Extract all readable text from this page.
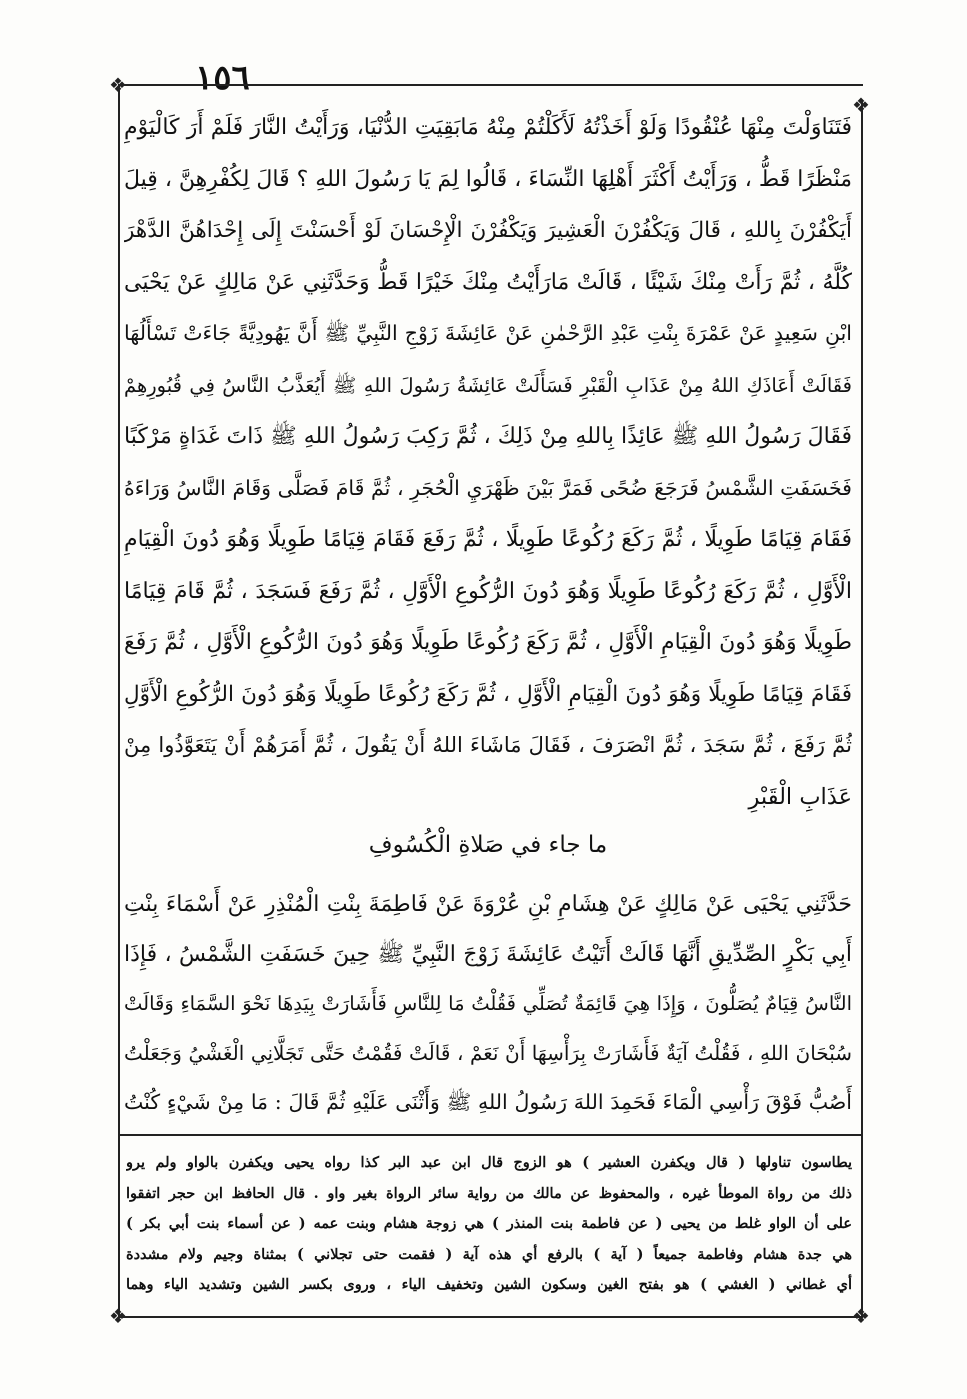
١٥٦
❖
❖
❖	❖
فَتَنَاوَلْتَ مِنْهَا عُنْقُودًا وَلَوْ أَخَذْتُهُ لَأَكَلْتُمْ مِنْهُ مَابَقِيَتِ الدُّنْيَا، وَرَأَيْتُ النَّارَ فَلَمْ أَرَ كَالْيَوْمِ
مَنْظَرًا قَطُّ ، وَرَأَيْتُ أَكْثَرَ أَهْلِهَا النِّسَاءَ ، قَالُوا لِمَ يَا رَسُولَ اللهِ ؟ قَالَ لِكُفْرِهِنَّ ، قِيلَ
أَيَكْفُرْنَ بِاللهِ ، قَالَ وَيَكْفُرْنَ الْعَشِيرَ وَيَكْفُرْنَ الْإِحْسَانَ لَوْ أَحْسَنْتَ إِلَى إِحْدَاهُنَّ الدَّهْرَ
كُلَّهُ ، ثُمَّ رَأَتْ مِنْكَ شَيْئًا ، قَالَتْ مَارَأَيْتُ مِنْكَ خَيْرًا قَطُّ وَحَدَّثَنِي عَنْ مَالِكٍ عَنْ يَحْيَى
ابْنِ سَعِيدٍ عَنْ عَمْرَةَ بِنْتِ عَبْدِ الرَّحْمٰنِ عَنْ عَائِشَةَ زَوْجِ النَّبِيِّ ﷺ أَنَّ يَهُودِيَّةً جَاءَتْ تَسْأَلُهَا
فَقَالَتْ أَعَاذَكِ اللهُ مِنْ عَذَابِ الْقَبْرِ فَسَأَلَتْ عَائِشَةُ رَسُولَ اللهِ ﷺ أَيُعَذَّبُ النَّاسُ فِي قُبُورِهِمْ
فَقَالَ رَسُولُ اللهِ ﷺ عَائِذًا بِاللهِ مِنْ ذَلِكَ ، ثُمَّ رَكِبَ رَسُولُ اللهِ ﷺ ذَاتَ غَدَاةٍ مَرْكَبًا
فَخَسَفَتِ الشَّمْسُ فَرَجَعَ ضُحًى فَمَرَّ بَيْنَ ظَهْرَيِ الْحُجَرِ ، ثُمَّ قَامَ فَصَلَّى وَقَامَ النَّاسُ وَرَاءَهُ
فَقَامَ قِيَامًا طَوِيلًا ، ثُمَّ رَكَعَ رُكُوعًا طَوِيلًا ، ثُمَّ رَفَعَ فَقَامَ قِيَامًا طَوِيلًا وَهُوَ دُونَ الْقِيَامِ
الْأَوَّلِ ، ثُمَّ رَكَعَ رُكُوعًا طَوِيلًا وَهُوَ دُونَ الرُّكُوعِ الْأَوَّلِ ، ثُمَّ رَفَعَ فَسَجَدَ ، ثُمَّ قَامَ قِيَامًا
طَوِيلًا وَهُوَ دُونَ الْقِيَامِ الْأَوَّلِ ، ثُمَّ رَكَعَ رُكُوعًا طَوِيلًا وَهُوَ دُونَ الرُّكُوعِ الْأَوَّلِ ، ثُمَّ رَفَعَ
فَقَامَ قِيَامًا طَوِيلًا وَهُوَ دُونَ الْقِيَامِ الْأَوَّلِ ، ثُمَّ رَكَعَ رُكُوعًا طَوِيلًا وَهُوَ دُونَ الرُّكُوعِ الْأَوَّلِ
ثُمَّ رَفَعَ ، ثُمَّ سَجَدَ ، ثُمَّ انْصَرَفَ ، فَقَالَ مَاشَاءَ اللهُ أَنْ يَقُولَ ، ثُمَّ أَمَرَهُمْ أَنْ يَتَعَوَّذُوا مِنْ
عَذَابِ الْقَبْرِ
ما جاء في صَلاةِ الْكُسُوفِ
حَدَّثَنِي يَحْيَى عَنْ مَالِكٍ عَنْ هِشَامِ بْنِ عُرْوَةَ عَنْ فَاطِمَةَ بِنْتِ الْمُنْذِرِ عَنْ أَسْمَاءَ بِنْتِ
أَبِي بَكْرٍ الصِّدِّيقِ أَنَّهَا قَالَتْ أَتَيْتُ عَائِشَةَ زَوْجَ النَّبِيِّ ﷺ حِينَ خَسَفَتِ الشَّمْسُ ، فَإِذَا
النَّاسُ قِيَامٌ يُصَلُّونَ ، وَإِذَا هِيَ قَائِمَةٌ تُصَلِّي فَقُلْتُ مَا لِلنَّاسِ فَأَشَارَتْ بِيَدِهَا نَحْوَ السَّمَاءِ وَقَالَتْ
سُبْحَانَ اللهِ ، فَقُلْتُ آيَةٌ فَأَشَارَتْ بِرَأْسِهَا أَنْ نَعَمْ ، قَالَتْ فَقُمْتُ حَتَّى تَجَلَّانِي الْغَشْيُ وَجَعَلْتُ
أَصُبُّ فَوْقَ رَأْسِي الْمَاءَ فَحَمِدَ اللهَ رَسُولُ اللهِ ﷺ وَأَثْنَى عَلَيْهِ ثُمَّ قَالَ : مَا مِنْ شَيْءٍ كُنْتُ
يطاسون تناولها ( قال ويكفرن العشير ) هو الزوج قال ابن عبد البر كذا رواه يحيى ويكفرن بالواو ولم يرو
ذلك من رواة الموطأ غيره ، والمحفوظ عن مالك من رواية سائر الرواة بغير واو . قال الحافظ ابن حجر اتفقوا
على أن الواو غلط من يحيى ( عن فاطمة بنت المنذر ) هي زوجة هشام وبنت عمه ( عن أسماء بنت أبي بكر )
هي جدة هشام وفاطمة جميعاً ( آية ) بالرفع أي هذه آية ( فقمت حتى تجلاني ) بمثناة وجيم ولام مشددة
أي غطاني ( الغشي ) هو بفتح الغين وسكون الشين وتخفيف الياء ، وروى بكسر الشين وتشديد الياء وهما
